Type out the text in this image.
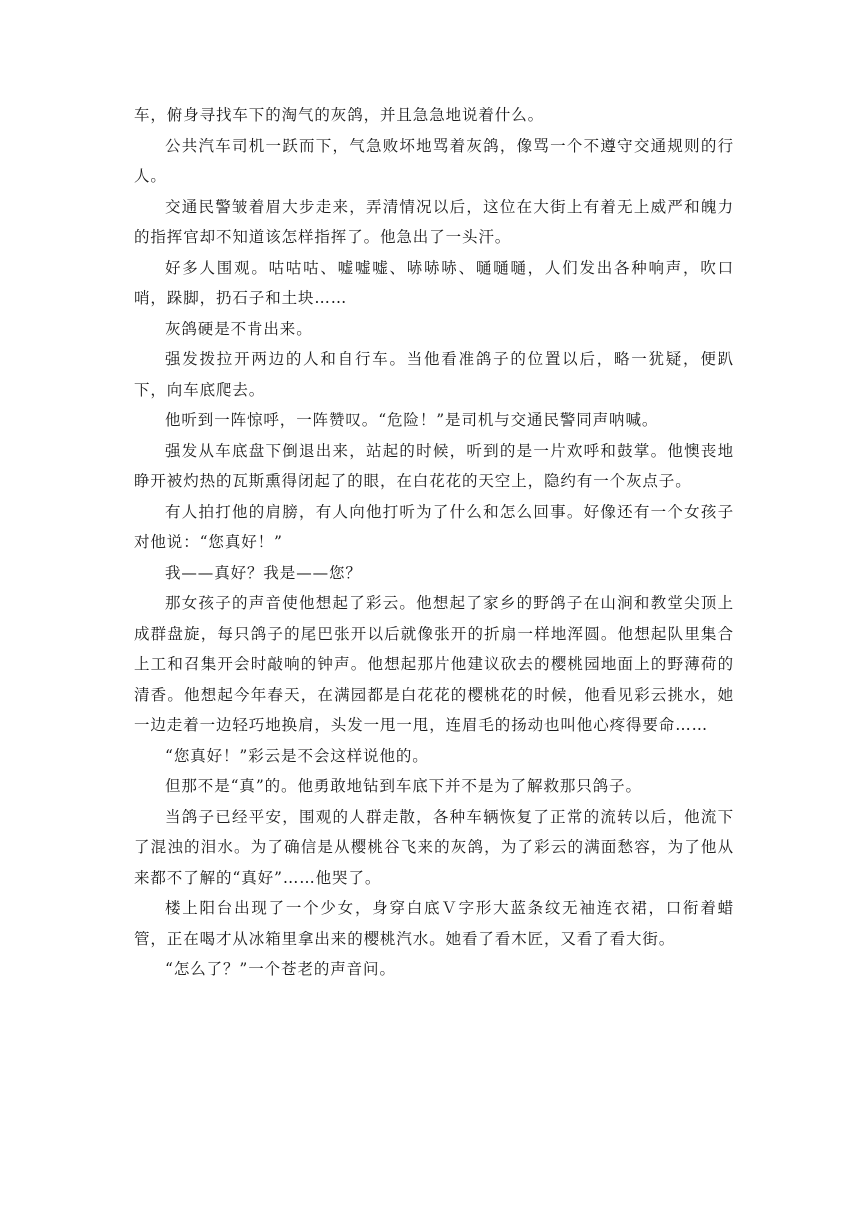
车，俯身寻找车下的淘气的灰鸽，并且急急地说着什么。

公共汽车司机一跃而下，气急败坏地骂着灰鸽，像骂一个不遵守交通规则的行人。

交通民警皱着眉大步走来，弄清情况以后，这位在大街上有着无上威严和魄力的指挥官却不知道该怎样指挥了。他急出了一头汗。

好多人围观。咕咕咕、嘘嘘嘘、哧哧哧、嗵嗵嗵，人们发出各种响声，吹口哨，跺脚，扔石子和土块……

灰鸽硬是不肯出来。

强发拨拉开两边的人和自行车。当他看准鸽子的位置以后，略一犹疑，便趴下，向车底爬去。

他听到一阵惊呼，一阵赞叹。“危险！”是司机与交通民警同声呐喊。

强发从车底盘下倒退出来，站起的时候，听到的是一片欢呼和鼓掌。他懊丧地睁开被灼热的瓦斯熏得闭起了的眼，在白花花的天空上，隐约有一个灰点子。

有人拍打他的肩膀，有人向他打听为了什么和怎么回事。好像还有一个女孩子对他说：“您真好！”

我——真好？我是——您？

那女孩子的声音使他想起了彩云。他想起了家乡的野鸽子在山涧和教堂尖顶上成群盘旋，每只鸽子的尾巴张开以后就像张开的折扇一样地浑圆。他想起队里集合上工和召集开会时敲响的钟声。他想起那片他建议砍去的樱桃园地面上的野薄荷的清香。他想起今年春天，在满园都是白花花的樱桃花的时候，他看见彩云挑水，她一边走着一边轻巧地换肩，头发一甩一甩，连眉毛的扬动也叫他心疼得要命……

“您真好！”彩云是不会这样说他的。

但那不是“真”的。他勇敢地钻到车底下并不是为了解救那只鸽子。

当鸽子已经平安，围观的人群走散，各种车辆恢复了正常的流转以后，他流下了混浊的泪水。为了确信是从樱桃谷飞来的灰鸽，为了彩云的满面愁容，为了他从来都不了解的“真好”……他哭了。

楼上阳台出现了一个少女，身穿白底Ｖ字形大蓝条纹无袖连衣裙，口衔着蜡管，正在喝才从冰箱里拿出来的樱桃汽水。她看了看木匠，又看了看大街。

“怎么了？”一个苍老的声音问。
